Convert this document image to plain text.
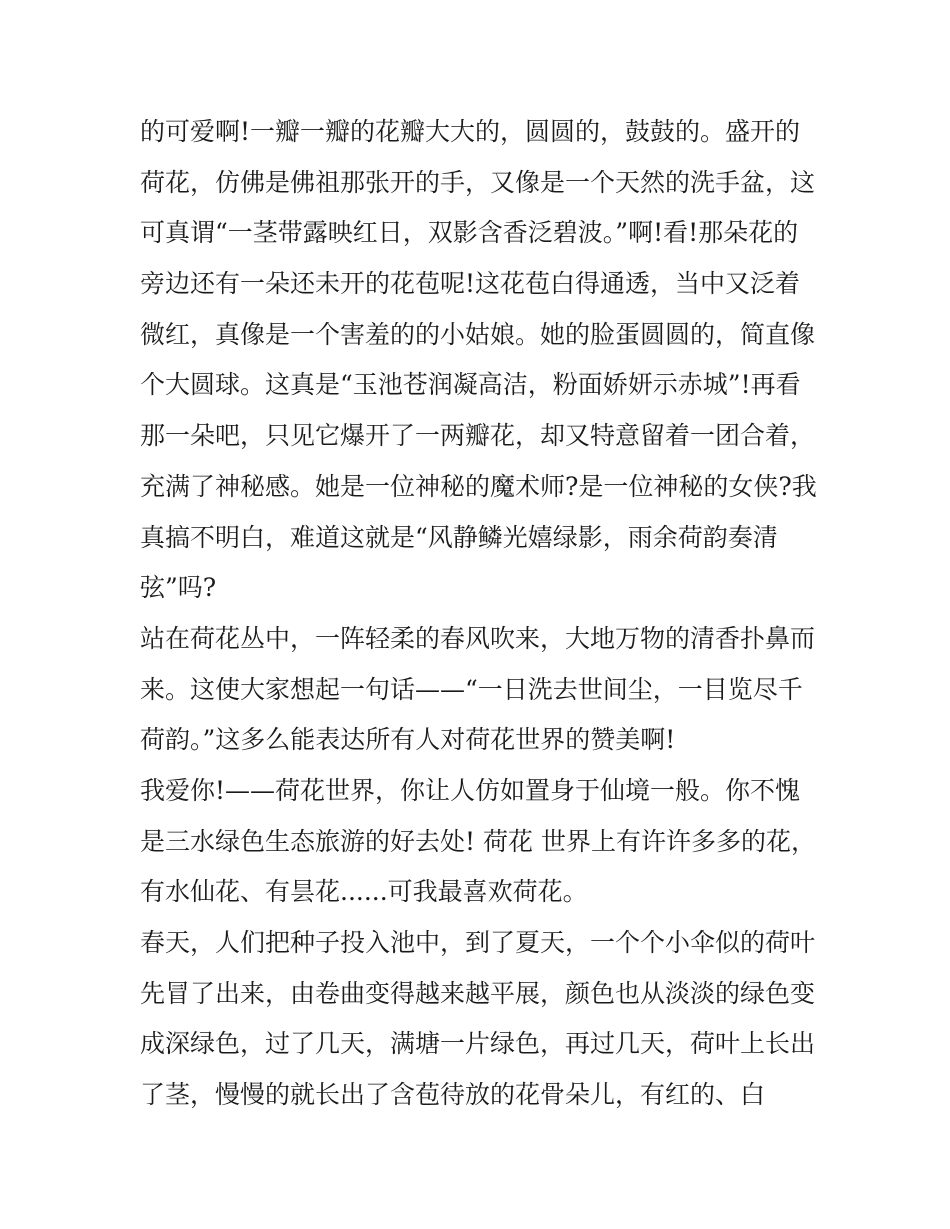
的可爱啊!一瓣一瓣的花瓣大大的，圆圆的，鼓鼓的。盛开的
荷花，仿佛是佛祖那张开的手，又像是一个天然的洗手盆，这
可真谓“一茎带露映红日，双影含香泛碧波。”啊!看!那朵花的
旁边还有一朵还未开的花苞呢!这花苞白得通透，当中又泛着
微红，真像是一个害羞的的小姑娘。她的脸蛋圆圆的，简直像
个大圆球。这真是“玉池苍润凝高洁，粉面娇妍示赤城”!再看
那一朵吧，只见它爆开了一两瓣花，却又特意留着一团合着，
充满了神秘感。她是一位神秘的魔术师?是一位神秘的女侠?我
真搞不明白，难道这就是“风静鳞光嬉绿影，雨余荷韵奏清
弦”吗?
站在荷花丛中，一阵轻柔的春风吹来，大地万物的清香扑鼻而
来。这使大家想起一句话——“一日洗去世间尘，一目览尽千
荷韵。”这多么能表达所有人对荷花世界的赞美啊!
我爱你!——荷花世界，你让人仿如置身于仙境一般。你不愧
是三水绿色生态旅游的好去处! 荷花 世界上有许许多多的花，
有水仙花、有昙花......可我最喜欢荷花。
春天，人们把种子投入池中，到了夏天，一个个小伞似的荷叶
先冒了出来，由卷曲变得越来越平展，颜色也从淡淡的绿色变
成深绿色，过了几天，满塘一片绿色，再过几天，荷叶上长出
了茎，慢慢的就长出了含苞待放的花骨朵儿，有红的、白
